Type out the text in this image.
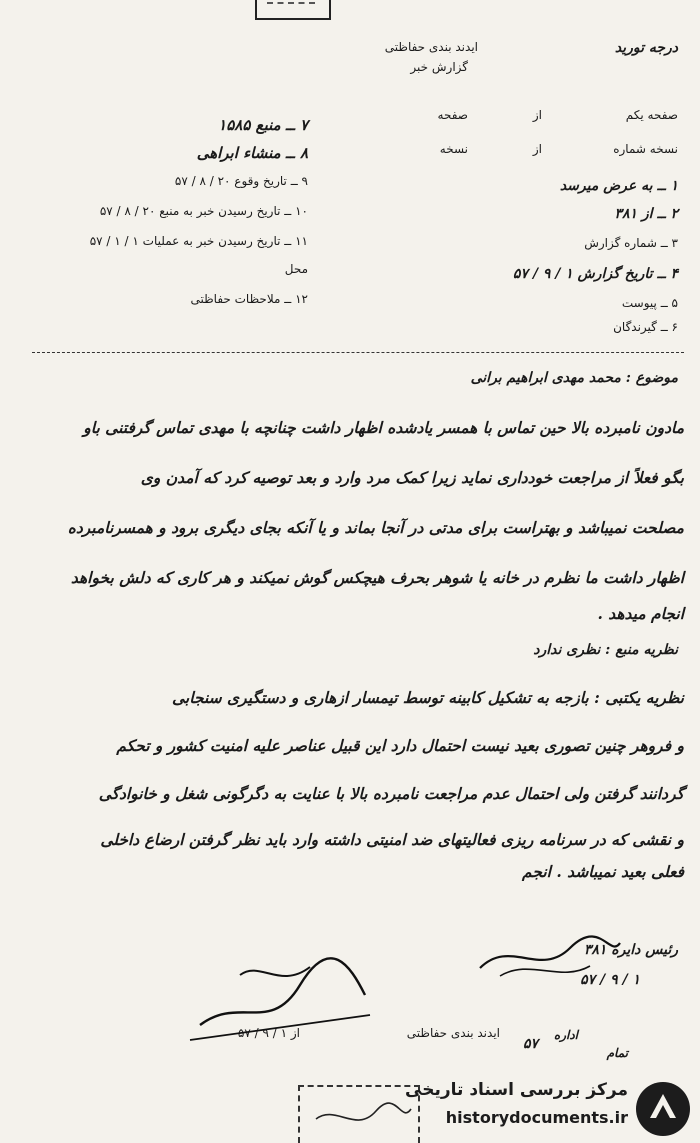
درجه تورید
ایدند بندی حفاظتی
گزارش خبر
صفحه یکم
از
صفحه
نسخه شماره
از
نسخه
۷ ــ منبع ۱۵۸۵
۸ ــ منشاء ابراهی
۹ ــ تاریخ وقوع ۲۰ / ۸ / ۵۷
۱۰ ــ تاریخ رسیدن خبر به منبع ۲۰ / ۸ / ۵۷
۱۱ ــ تاریخ رسیدن خبر به عملیات ۱ / ۱ / ۵۷
محل
۱۲ ــ ملاحظات حفاظتی
۱ ــ به عرض میرسد
۲ ــ از ۳۸۱
۳ ــ شماره گزارش
۴ ــ تاریخ گزارش ۱ / ۹ / ۵۷
۵ ــ پیوست
۶ ــ گیرندگان
موضوع : محمد مهدی ابراهیم برانی
مادون نامبرده بالا حین تماس با همسر یادشده اظهار داشت چنانچه با مهدی تماس گرفتنی باو
بگو فعلاً از مراجعت خودداری نماید زیرا کمک مرد وارد و بعد توصیه کرد که آمدن وی
مصلحت نمیباشد و بهتراست برای مدتی در آنجا بماند و یا آنکه بجای دیگری برود و همسرنامبرده
اظهار داشت ما نظرم در خانه یا شوهر بحرف هیچکس گوش نمیکند و هر کاری که دلش بخواهد
انجام میدهد .
نظریه منبع : نظری ندارد
نظریه یکتبی : بازجه به تشکیل کابینه توسط تیمسار ازهاری و دستگیری سنجابی
و فروهر چنین تصوری بعید نیست احتمال دارد این قبیل عناصر علیه امنیت کشور و تحکم
گردانند گرفتن ولی احتمال عدم مراجعت نامبرده بالا با عنایت به دگرگونی شغل و خانوادگی
و نقشی که در سرنامه ریزی فعالیتهای ضد امنیتی داشته وارد باید نظر گرفتن ارضاع داخلی
فعلی بعید نمیباشد . انجم
رئیس دایره ۳۸۱
۱ / ۹ / ۵۷
ایدند بندی حفاظتی
از ۱ / ۹ / ۵۷
۵۷
اداره
تمام
مرکز بررسی اسناد تاریخی
historydocuments.ir
